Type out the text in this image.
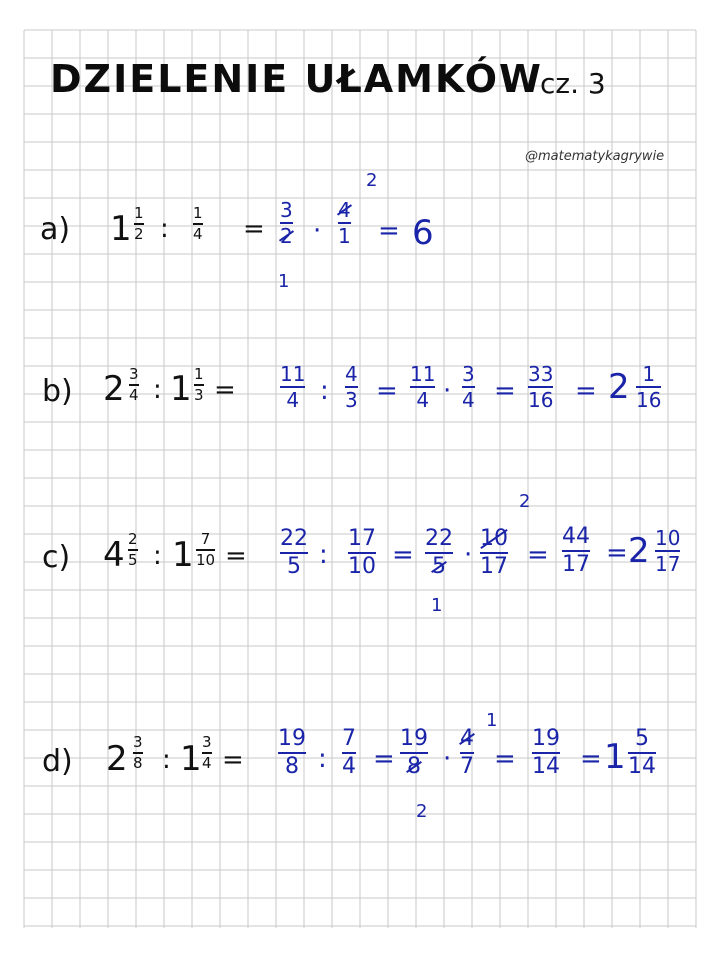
DZIELENIE UŁAMKÓW
cz. 3
@matematykagrywie
a) 1 1
2 :
1
4 =
3
2 ·
4
1
2
1
= 6
b) 2 3
4 : 1 1
3 =
11
4 :
4
3 =
11
4 ·
3
4 =
33
16 = 2 1
16
c) 4 2
5 : 1 7
10 =
22
5 :
17
10 =
22
5 ·
10
17
2
1
=
44
17 = 2 10
17
d) 2 3
8 : 1 3
4 =
19
8 :
7
4 =
19
8 ·
4
7
1
2
=
19
14 = 1 5
14
